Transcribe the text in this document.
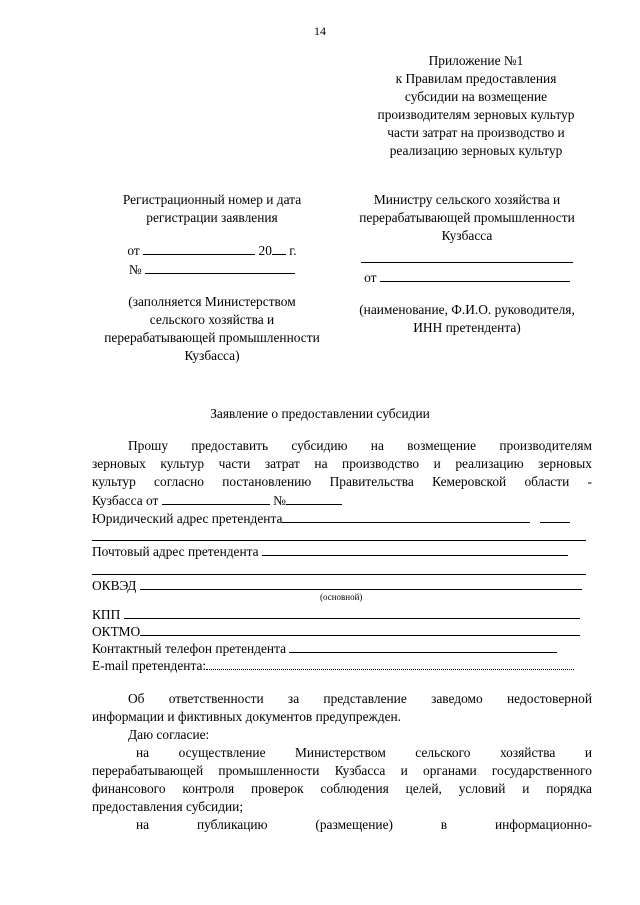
14
Приложение №1
к Правилам предоставления
субсидии на возмещение
производителям зерновых культур
части затрат на производство и
реализацию зерновых культур
Регистрационный номер и дата
регистрации заявления
от	20 г.
№
(заполняется Министерством
сельского хозяйства и
перерабатывающей промышленности
Кузбасса)
Министру сельского хозяйства и
перерабатывающей промышленности
Кузбасса
от
(наименование, Ф.И.О. руководителя,
ИНН претендента)
Заявление о предоставлении субсидии
Прошу предоставить субсидию на возмещение производителям
зерновых культур части затрат на производство и реализацию зерновых
культур согласно постановлению Правительства Кемеровской области -
Кузбасса от	№
Юридический адрес претендента
Почтовый адрес претендента
ОКВЭД
(основной)
КПП
ОКТМО
Контактный телефон претендента
E-mail претендента:
Об ответственности за представление заведомо недостоверной
информации и фиктивных документов предупрежден.
Даю согласие:
на осуществление Министерством сельского хозяйства и
перерабатывающей промышленности Кузбасса и органами государственного
финансового контроля проверок соблюдения целей, условий и порядка
предоставления субсидии;
на публикацию (размещение) в информационно-
